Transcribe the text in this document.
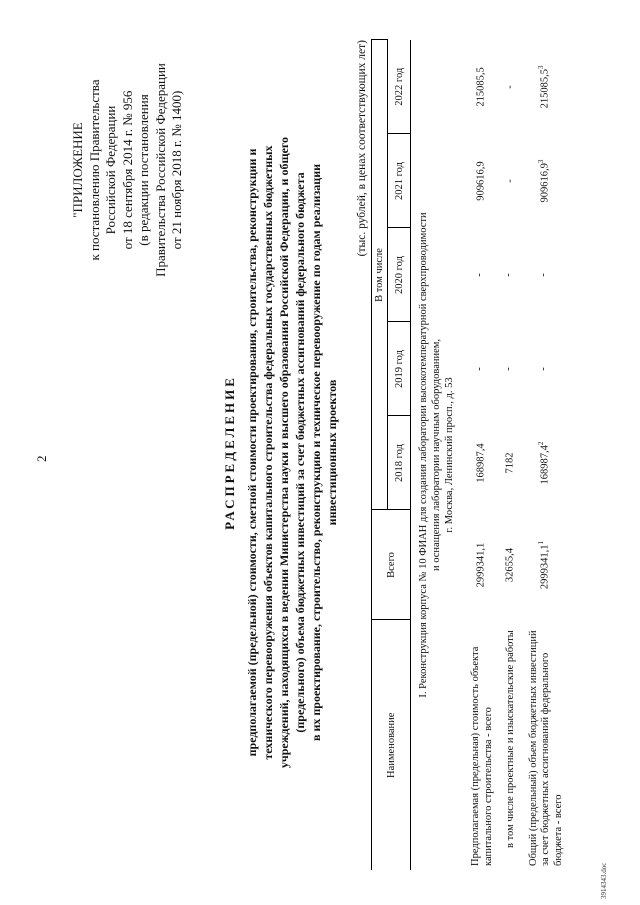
2
"ПРИЛОЖЕНИЕ к постановлению Правительства Российской Федерации от 18 сентября 2014 г. № 956 (в редакции постановления Правительства Российской Федерации от 21 ноября 2018 г. № 1400)
РАСПРЕДЕЛЕНИЕ предполагаемой (предельной) стоимости, сметной стоимости проектирования, строительства, реконструкции и технического перевооружения объектов капитального строительства федеральных государственных бюджетных учреждений, находящихся в ведении Министерства науки и высшего образования Российской Федерации, и общего (предельного) объема бюджетных инвестиций за счет бюджетных ассигнований федерального бюджета в их проектирование, строительство, реконструкцию и техническое перевооружение по годам реализации инвестиционных проектов
(тыс. рублей, в ценах соответствующих лет)
Наименование	Всего	В том числе				
		2018 год	2019 год	2020 год	2021 год	2022 год

I. Реконструкция корпуса № 10 ФИАН для создания лаборатории высокотемпературной сверхпроводимости и оснащения лаборатории научным оборудованием, г. Москва, Ленинский просп., д. 53						

Предполагаемая (предельная) стоимость объекта капитального строительства - всего	2999341,1	168987,4	-	-	909616,9	215085,5
в том числе проектные и изыскательские работы	32655,4	7182	-	-	-	-
Общий (предельный) объем бюджетных инвестиций за счет бюджетных ассигнований федерального бюджета - всего	2999341,1$^1$	168987,4$^2$	-	-	909616,9$^3$	215085,5$^3$
3914343.doc
